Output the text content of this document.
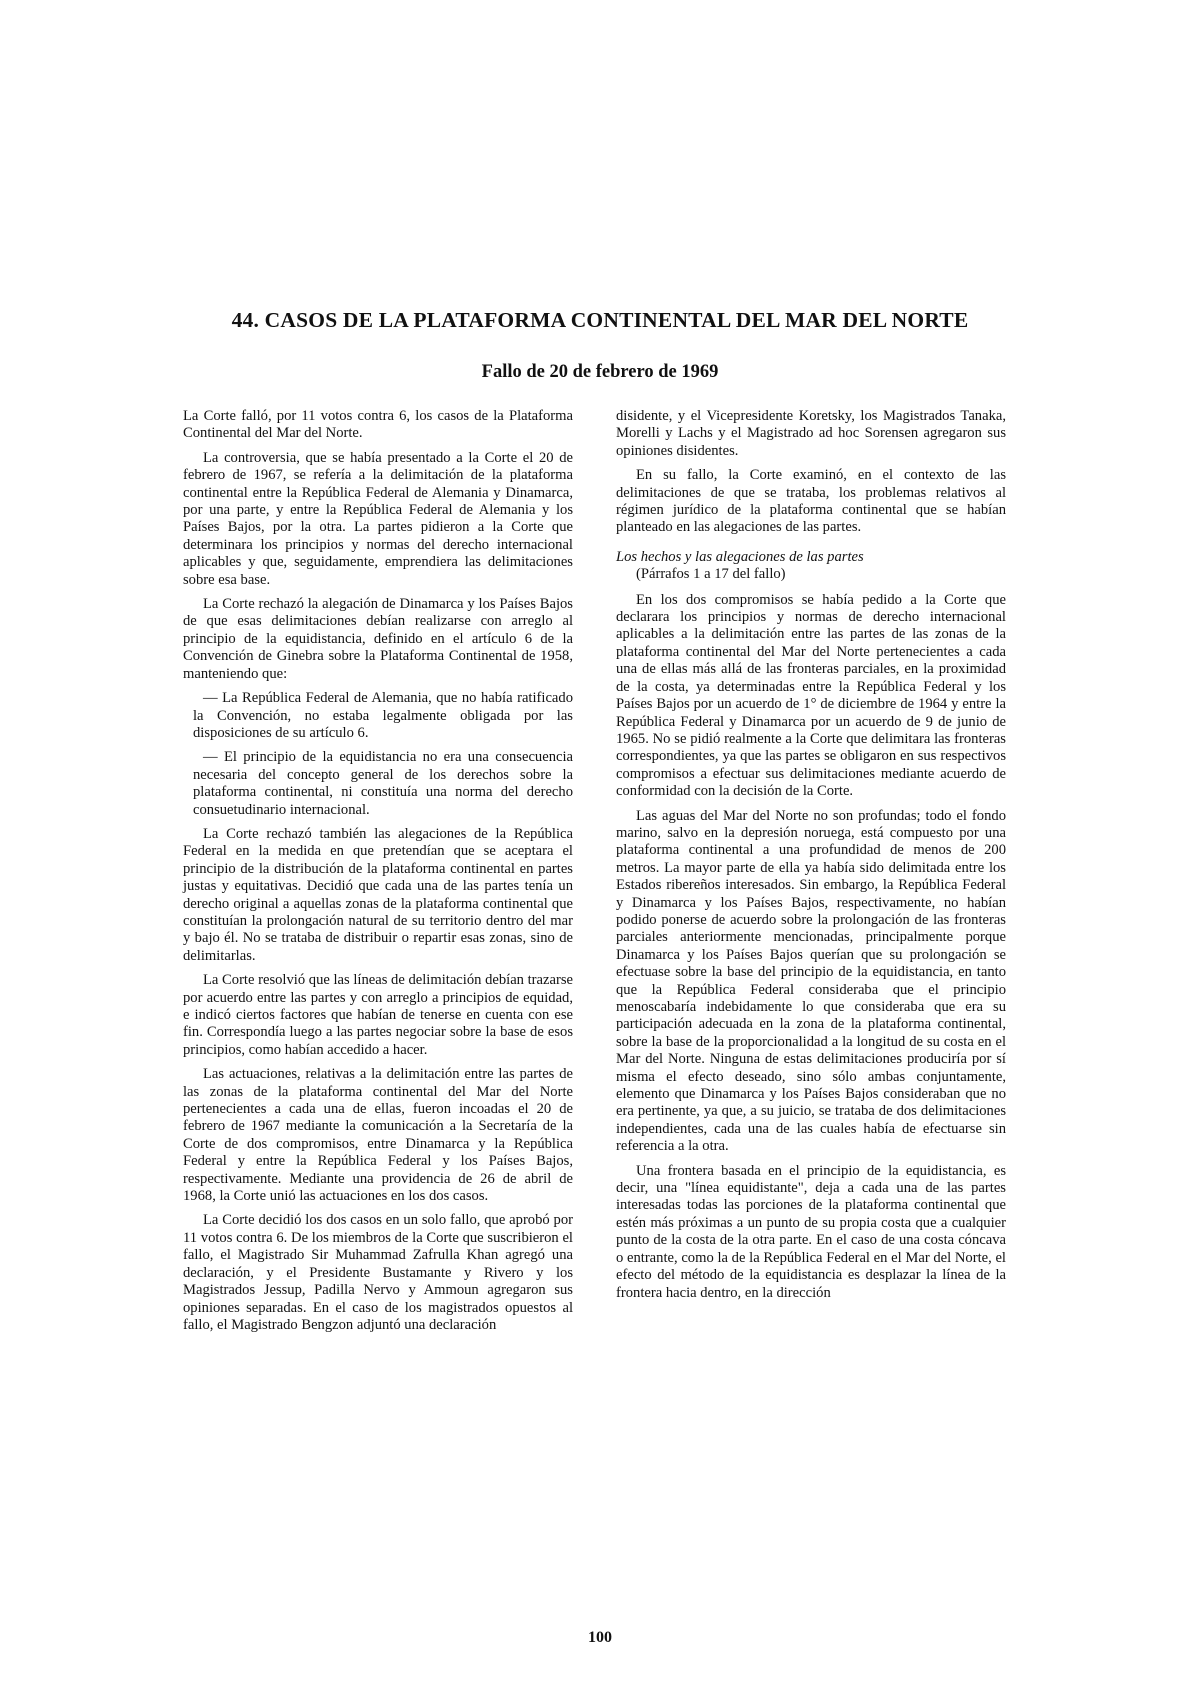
44. CASOS DE LA PLATAFORMA CONTINENTAL DEL MAR DEL NORTE
Fallo de 20 de febrero de 1969

La Corte falló, por 11 votos contra 6, los casos de la Plataforma Continental del Mar del Norte.

La controversia, que se había presentado a la Corte el 20 de febrero de 1967, se refería a la delimitación de la plataforma continental entre la República Federal de Alemania y Dinamarca, por una parte, y entre la República Federal de Alemania y los Países Bajos, por la otra. La partes pidieron a la Corte que determinara los principios y normas del derecho internacional aplicables y que, seguidamente, emprendiera las delimitaciones sobre esa base.

La Corte rechazó la alegación de Dinamarca y los Países Bajos de que esas delimitaciones debían realizarse con arreglo al principio de la equidistancia, definido en el artículo 6 de la Convención de Ginebra sobre la Plataforma Continental de 1958, manteniendo que:

— La República Federal de Alemania, que no había ratificado la Convención, no estaba legalmente obligada por las disposiciones de su artículo 6.

— El principio de la equidistancia no era una consecuencia necesaria del concepto general de los derechos sobre la plataforma continental, ni constituía una norma del derecho consuetudinario internacional.

La Corte rechazó también las alegaciones de la República Federal en la medida en que pretendían que se aceptara el principio de la distribución de la plataforma continental en partes justas y equitativas. Decidió que cada una de las partes tenía un derecho original a aquellas zonas de la plataforma continental que constituían la prolongación natural de su territorio dentro del mar y bajo él. No se trataba de distribuir o repartir esas zonas, sino de delimitarlas.

La Corte resolvió que las líneas de delimitación debían trazarse por acuerdo entre las partes y con arreglo a principios de equidad, e indicó ciertos factores que habían de tenerse en cuenta con ese fin. Correspondía luego a las partes negociar sobre la base de esos principios, como habían accedido a hacer.

Las actuaciones, relativas a la delimitación entre las partes de las zonas de la plataforma continental del Mar del Norte pertenecientes a cada una de ellas, fueron incoadas el 20 de febrero de 1967 mediante la comunicación a la Secretaría de la Corte de dos compromisos, entre Dinamarca y la República Federal y entre la República Federal y los Países Bajos, respectivamente. Mediante una providencia de 26 de abril de 1968, la Corte unió las actuaciones en los dos casos.

La Corte decidió los dos casos en un solo fallo, que aprobó por 11 votos contra 6. De los miembros de la Corte que suscribieron el fallo, el Magistrado Sir Muhammad Zafrulla Khan agregó una declaración, y el Presidente Bustamante y Rivero y los Magistrados Jessup, Padilla Nervo y Ammoun agregaron sus opiniones separadas. En el caso de los magistrados opuestos al fallo, el Magistrado Bengzon adjuntó una declaración

disidente, y el Vicepresidente Koretsky, los Magistrados Tanaka, Morelli y Lachs y el Magistrado ad hoc Sorensen agregaron sus opiniones disidentes.

En su fallo, la Corte examinó, en el contexto de las delimitaciones de que se trataba, los problemas relativos al régimen jurídico de la plataforma continental que se habían planteado en las alegaciones de las partes.

Los hechos y las alegaciones de las partes
(Párrafos 1 a 17 del fallo)

En los dos compromisos se había pedido a la Corte que declarara los principios y normas de derecho internacional aplicables a la delimitación entre las partes de las zonas de la plataforma continental del Mar del Norte pertenecientes a cada una de ellas más allá de las fronteras parciales, en la proximidad de la costa, ya determinadas entre la República Federal y los Países Bajos por un acuerdo de 1° de diciembre de 1964 y entre la República Federal y Dinamarca por un acuerdo de 9 de junio de 1965. No se pidió realmente a la Corte que delimitara las fronteras correspondientes, ya que las partes se obligaron en sus respectivos compromisos a efectuar sus delimitaciones mediante acuerdo de conformidad con la decisión de la Corte.

Las aguas del Mar del Norte no son profundas; todo el fondo marino, salvo en la depresión noruega, está compuesto por una plataforma continental a una profundidad de menos de 200 metros. La mayor parte de ella ya había sido delimitada entre los Estados ribereños interesados. Sin embargo, la República Federal y Dinamarca y los Países Bajos, respectivamente, no habían podido ponerse de acuerdo sobre la prolongación de las fronteras parciales anteriormente mencionadas, principalmente porque Dinamarca y los Países Bajos querían que su prolongación se efectuase sobre la base del principio de la equidistancia, en tanto que la República Federal consideraba que el principio menoscabaría indebidamente lo que consideraba que era su participación adecuada en la zona de la plataforma continental, sobre la base de la proporcionalidad a la longitud de su costa en el Mar del Norte. Ninguna de estas delimitaciones produciría por sí misma el efecto deseado, sino sólo ambas conjuntamente, elemento que Dinamarca y los Países Bajos consideraban que no era pertinente, ya que, a su juicio, se trataba de dos delimitaciones independientes, cada una de las cuales había de efectuarse sin referencia a la otra.

Una frontera basada en el principio de la equidistancia, es decir, una "línea equidistante", deja a cada una de las partes interesadas todas las porciones de la plataforma continental que estén más próximas a un punto de su propia costa que a cualquier punto de la costa de la otra parte. En el caso de una costa cóncava o entrante, como la de la República Federal en el Mar del Norte, el efecto del método de la equidistancia es desplazar la línea de la frontera hacia dentro, en la dirección

100
